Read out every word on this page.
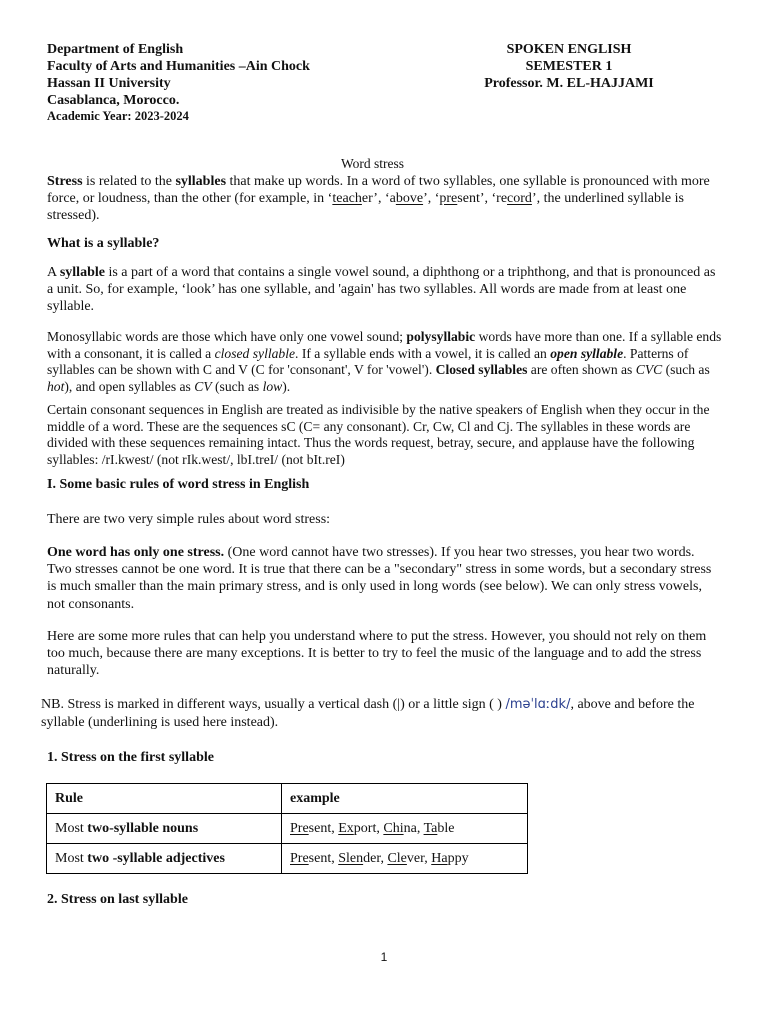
Department of English
Faculty of Arts and Humanities –Ain Chock
Hassan II University
Casablanca, Morocco.
Academic Year: 2023-2024
SPOKEN ENGLISH
SEMESTER 1
Professor. M. EL-HAJJAMI
Word stress
Stress is related to the syllables that make up words. In a word of two syllables, one syllable is pronounced with more force, or loudness, than the other (for example, in ‘teacher’, ‘above’, ‘present’, ‘record’, the underlined syllable is stressed).
What is a syllable?
A syllable is a part of a word that contains a single vowel sound, a diphthong or a triphthong, and that is pronounced as a unit. So, for example, ‘look’ has one syllable, and 'again' has two syllables. All words are made from at least one syllable.
Monosyllabic words are those which have only one vowel sound; polysyllabic words have more than one. If a syllable ends with a consonant, it is called a closed syllable. If a syllable ends with a vowel, it is called an open syllable. Patterns of syllables can be shown with C and V (C for 'consonant', V for 'vowel'). Closed syllables are often shown as CVC (such as hot), and open syllables as CV (such as low).
Certain consonant sequences in English are treated as indivisible by the native speakers of English when they occur in the middle of a word. These are the sequences sC (C= any consonant). Cr, Cw, Cl and Cj. The syllables in these words are divided with these sequences remaining intact. Thus the words request, betray, secure, and applause have the following syllables: /rI.kwest/ (not rIk.west/, lbI.treI/ (not bIt.reI)
I. Some basic rules of word stress in English
There are two very simple rules about word stress:
One word has only one stress. (One word cannot have two stresses). If you hear two stresses, you hear two words. Two stresses cannot be one word. It is true that there can be a "secondary" stress in some words, but a secondary stress is much smaller than the main primary stress, and is only used in long words (see below). We can only stress vowels, not consonants.
Here are some more rules that can help you understand where to put the stress. However, you should not rely on them too much, because there are many exceptions. It is better to try to feel the music of the language and to add the stress naturally.
NB. Stress is marked in different ways, usually a vertical dash (|) or a little sign ( ) /məˈlɑːdk/, above and before the syllable (underlining is used here instead).
1. Stress on the first syllable
Rule	example
Most two-syllable nouns	Present, Export, China, Table
Most two -syllable adjectives	Present, Slender, Clever, Happy
2. Stress on last syllable
1
